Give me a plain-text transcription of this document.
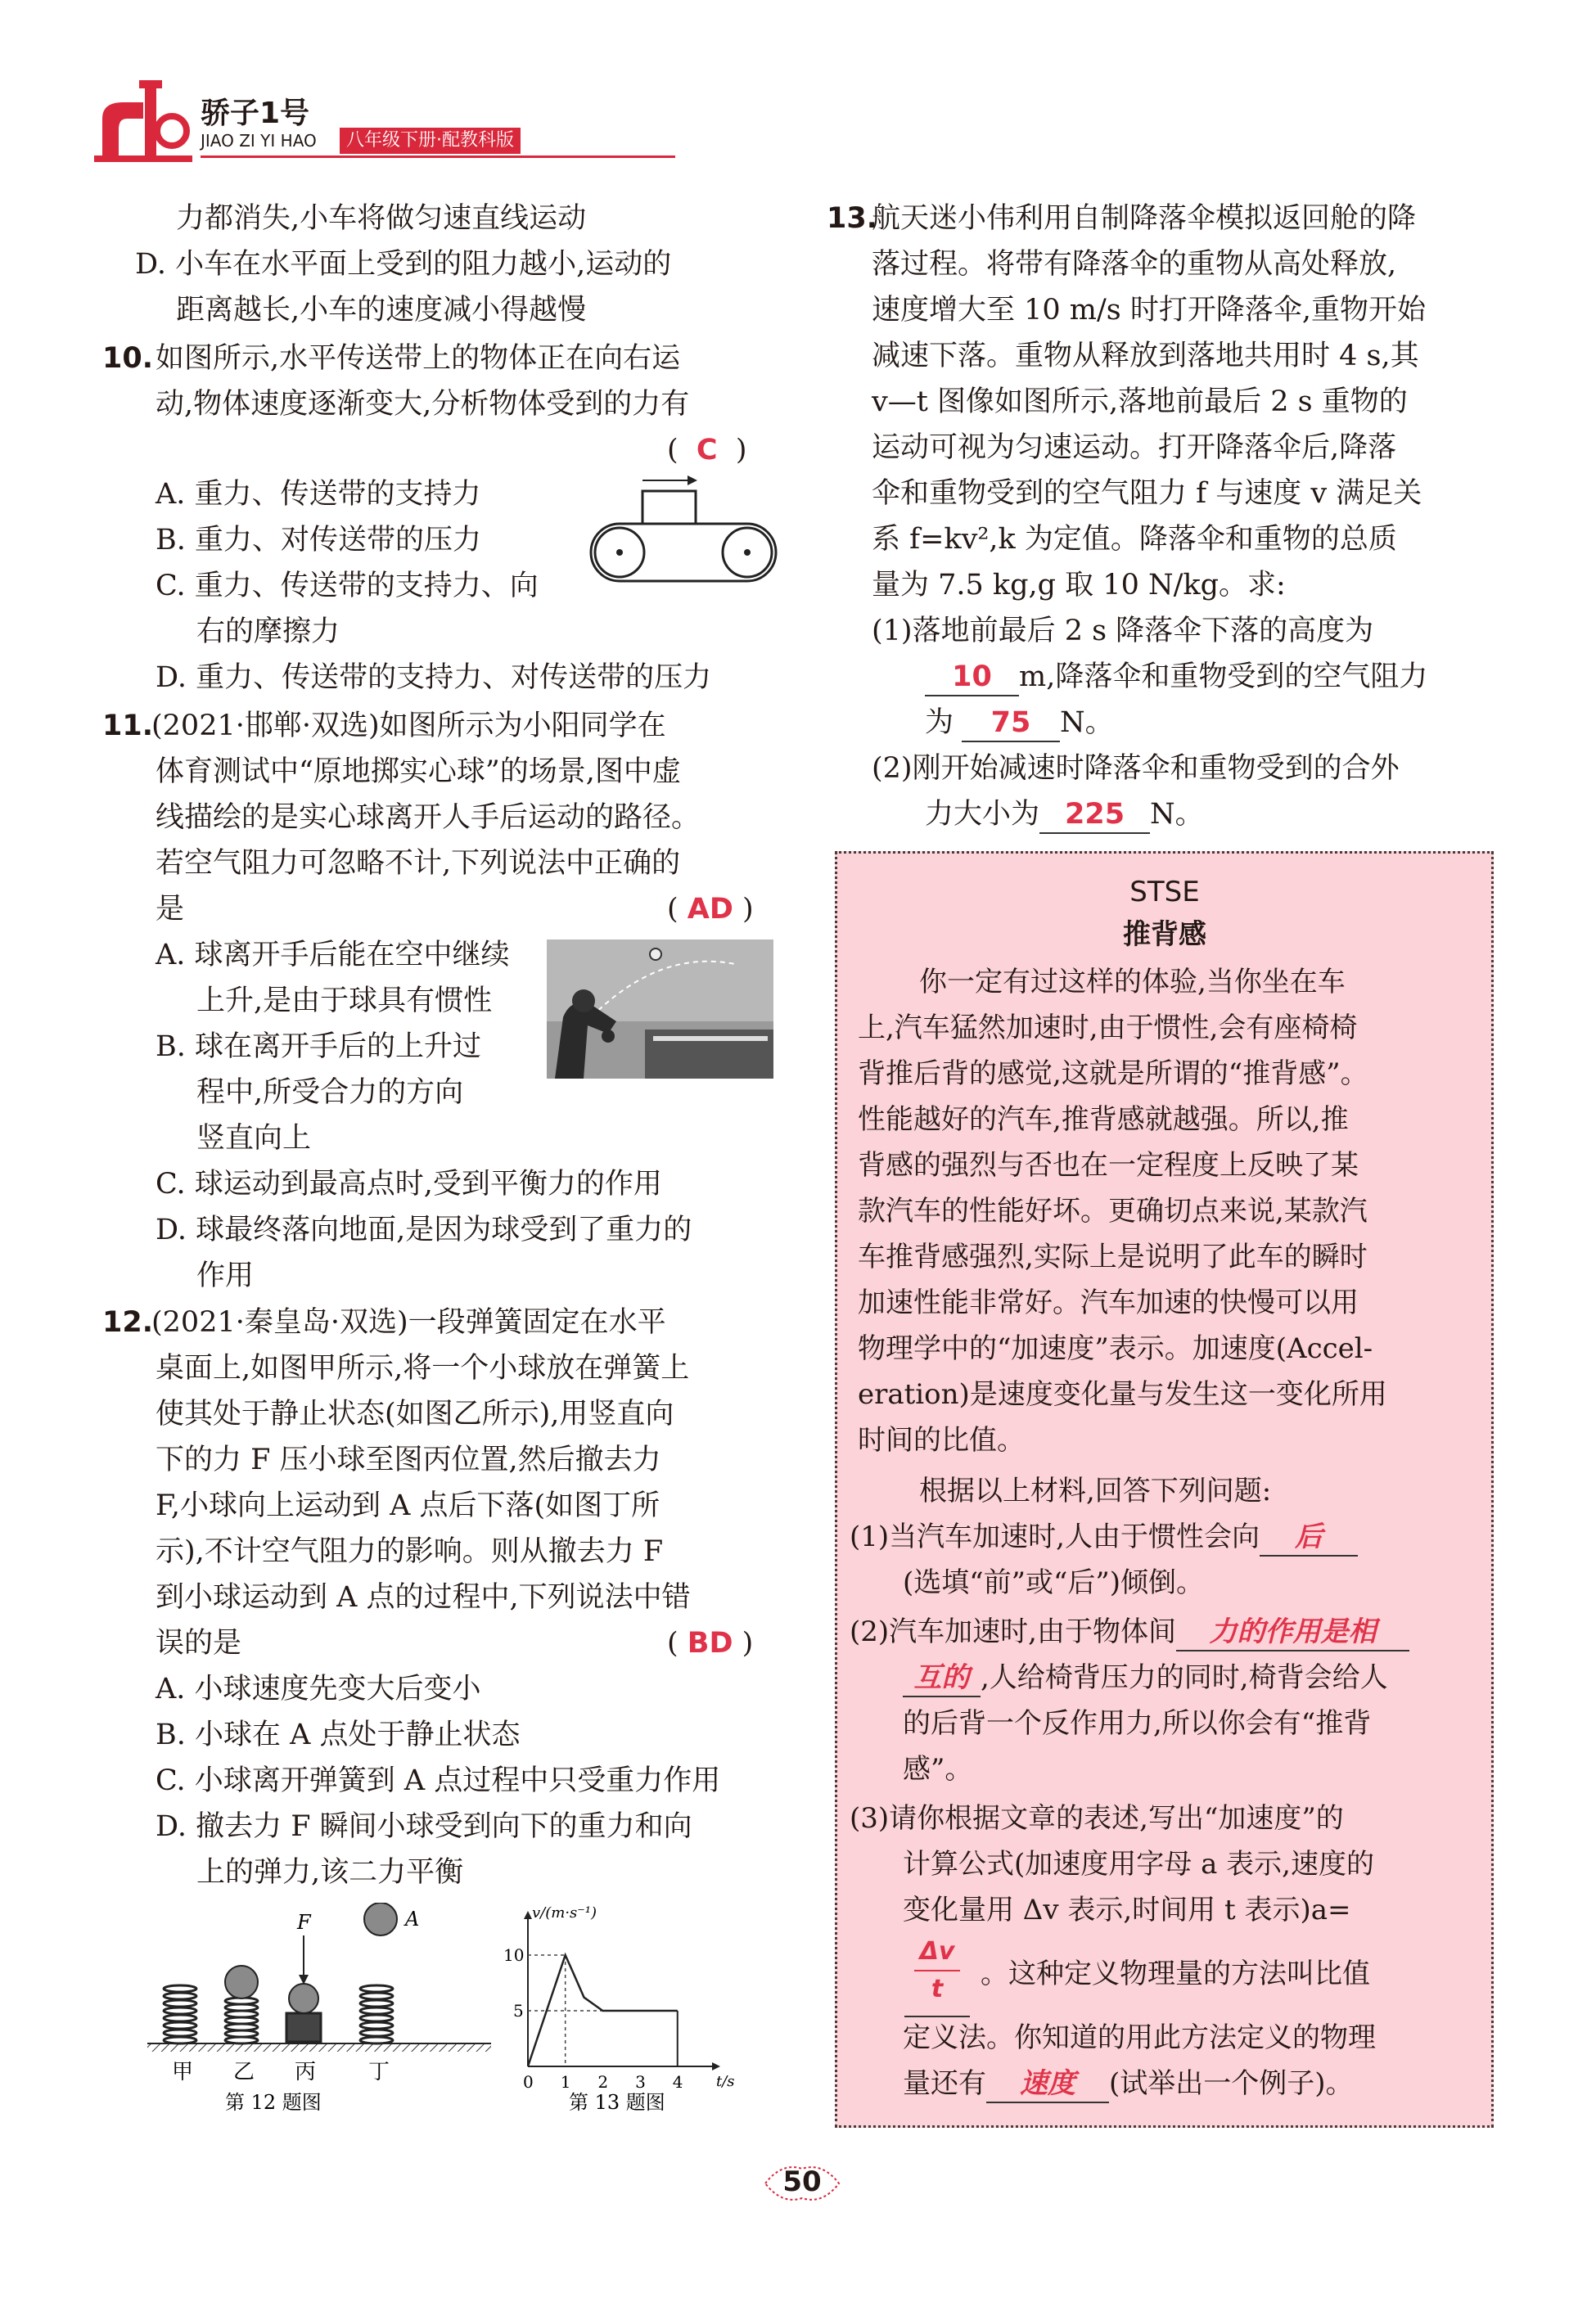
骄子1号
JIAO ZI YI HAO	八年级下册·配教科版
力都消失,小车将做匀速直线运动
D. 小车在水平面上受到的阻力越小,运动的
距离越长,小车的速度减小得越慢
10. 如图所示,水平传送带上的物体正在向右运
动,物体速度逐渐变大,分析物体受到的力有
(  C  )
A. 重力、传送带的支持力
B. 重力、对传送带的压力
C. 重力、传送带的支持力、向
右的摩擦力
D. 重力、传送带的支持力、对传送带的压力
11.
(2021·邯郸·双选)如图所示为小阳同学在
体育测试中“原地掷实心球”的场景,图中虚
线描绘的是实心球离开人手后运动的路径。
若空气阻力可忽略不计,下列说法中正确的
是	( AD )
A. 球离开手后能在空中继续
上升,是由于球具有惯性
B. 球在离开手后的上升过
程中,所受合力的方向
竖直向上
C. 球运动到最高点时,受到平衡力的作用
D. 球最终落向地面,是因为球受到了重力的
作用
12.
(2021·秦皇岛·双选)一段弹簧固定在水平
桌面上,如图甲所示,将一个小球放在弹簧上
使其处于静止状态(如图乙所示),用竖直向
下的力 F 压小球至图丙位置,然后撤去力
F,小球向上运动到 A 点后下落(如图丁所
示),不计空气阻力的影响。则从撤去力 F
到小球运动到 A 点的过程中,下列说法中错
误的是	( BD )
A. 小球速度先变大后变小
B. 小球在 A 点处于静止状态
C. 小球离开弹簧到 A 点过程中只受重力作用
D. 撤去力 F 瞬间小球受到向下的重力和向
上的弹力,该二力平衡
F	A
甲 乙 丙 丁
第 12 题图
v/(m·s⁻¹)
t/s
0 1 2 3 4
5
10
第 13 题图
13.
航天迷小伟利用自制降落伞模拟返回舱的降
落过程。将带有降落伞的重物从高处释放,
速度增大至 10 m/s 时打开降落伞,重物开始
减速下落。重物从释放到落地共用时 4 s,其
v—t 图像如图所示,落地前最后 2 s 重物的
运动可视为匀速运动。打开降落伞后,降落
伞和重物受到的空气阻力 f 与速度 v 满足关
系 f=kv²,k 为定值。降落伞和重物的总质
量为 7.5 kg,g 取 10 N/kg。求:
(1)落地前最后 2 s 降落伞下落的高度为
10 m,降落伞和重物受到的空气阻力
为 75 N。
(2)刚开始减速时降落伞和重物受到的合外
力大小为 225 N。
STSE
推背感
你一定有过这样的体验,当你坐在车
上,汽车猛然加速时,由于惯性,会有座椅椅
背推后背的感觉,这就是所谓的“推背感”。
性能越好的汽车,推背感就越强。所以,推
背感的强烈与否也在一定程度上反映了某
款汽车的性能好坏。更确切点来说,某款汽
车推背感强烈,实际上是说明了此车的瞬时
加速性能非常好。汽车加速的快慢可以用
物理学中的“加速度”表示。加速度(Accel-
eration)是速度变化量与发生这一变化所用
时间的比值。
根据以上材料,回答下列问题:
(1)当汽车加速时,人由于惯性会向 后
(选填“前”或“后”)倾倒。
(2)汽车加速时,由于物体间 力的作用是相
互的 ,人给椅背压力的同时,椅背会给人
的后背一个反作用力,所以你会有“推背
感”。
(3)请你根据文章的表述,写出“加速度”的
计算公式(加速度用字母 a 表示,速度的
变化量用 Δv 表示,时间用 t 表示)a=
$\frac{\Delta v}{t}$ 。这种定义物理量的方法叫比值
定义法。你知道的用此方法定义的物理
量还有 速度 (试举出一个例子)。
50
